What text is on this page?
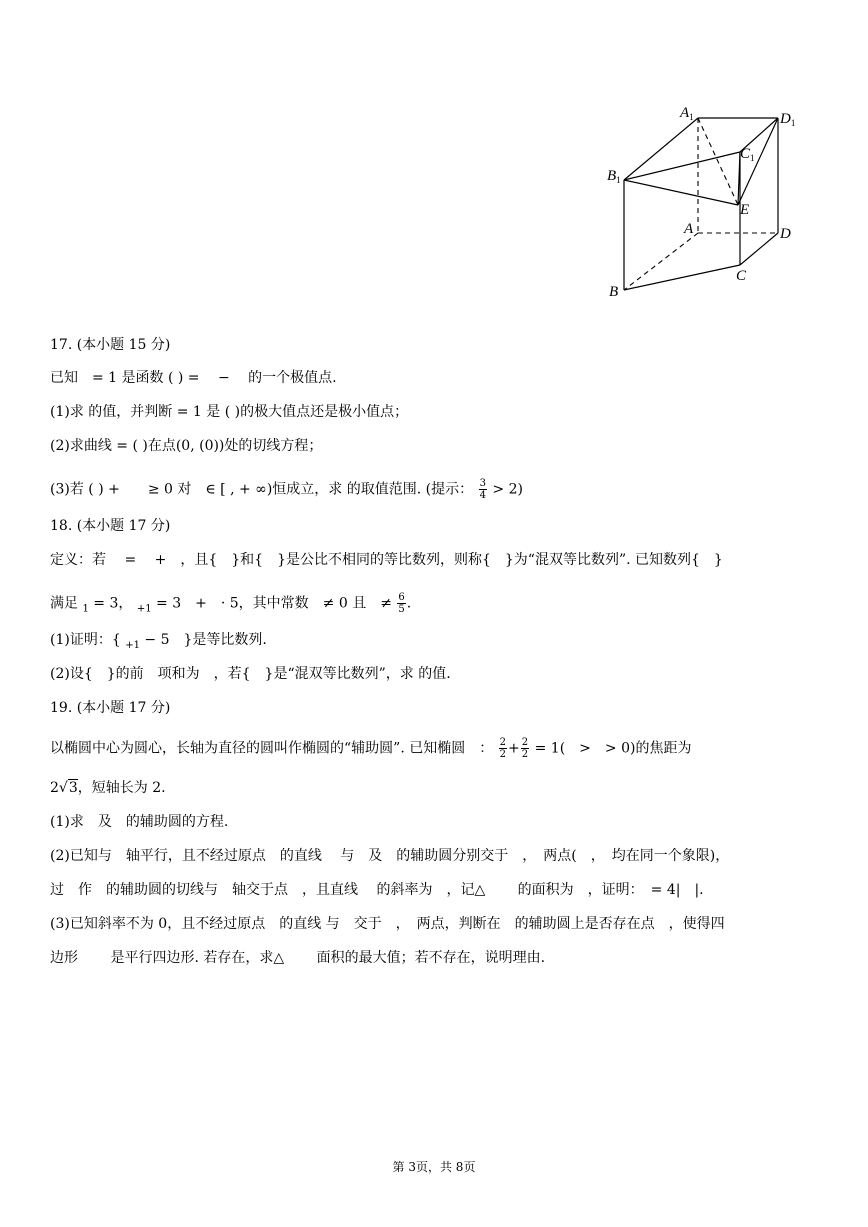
$A_1$	$D_1$
$C_1$
$B_1$
E
A	D
C
B
17. (本小题 15 分)
已知　= 1 是函数 ( ) =　 −　 的一个极值点.
(1)求 的值，并判断 = 1 是 ( )的极大值点还是极小值点；
(2)求曲线 = ( )在点(0, (0))处的切线方程；
(3)若 ( ) +　　≥ 0 对　∈ [ , + ∞)恒成立，求 的取值范围. (提示： $\frac{3}{4} > 2$)
18. (本小题 17 分)
定义：若　 =　 +　，且{　}和{　}是公比不相同的等比数列，则称{　}为“混双等比数列”. 已知数列{　}
满足 $_1$ = 3， $_{+1}$ = 3　+　· 5，其中常数　≠ 0 且　≠ $\frac{6}{5}$ .
(1)证明：{ $_{+1}$ − 5　}是等比数列.
(2)设{　}的前　项和为　，若{　}是“混双等比数列”，求 的值.
19. (本小题 17 分)
以椭圆中心为圆心，长轴为直径的圆叫作椭圆的“辅助圆”. 已知椭圆　： $\frac{2}{2} + \frac{2}{2} = 1$(　>　> 0)的焦距为
2√3，短轴长为 2.
(1)求　及　的辅助圆的方程.
(2)已知与　轴平行，且不经过原点　的直线　 与　及　的辅助圆分别交于　，　两点(　，　均在同一个象限)，
过　作　的辅助圆的切线与　轴交于点　，且直线　 的斜率为　，记△　　 的面积为　，证明：　= 4|　|.
(3)已知斜率不为 0，且不经过原点　的直线 与　交于　，　两点，判断在　的辅助圆上是否存在点　，使得四
边形　　 是平行四边形. 若存在，求△　　 面积的最大值；若不存在，说明理由.
第 3页，共 8页
